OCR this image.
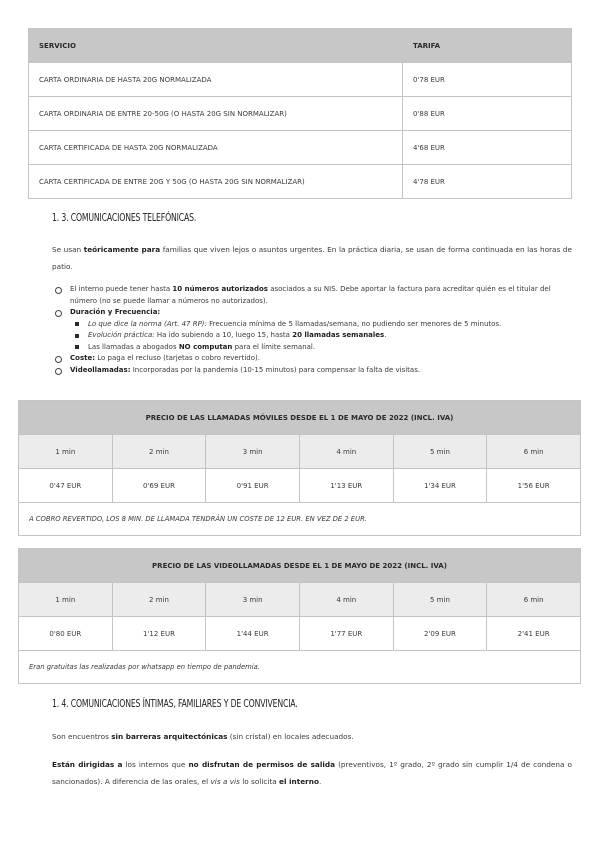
SERVICIO	TARIFA
CARTA ORDINARIA DE HASTA 20G NORMALIZADA	0'78 EUR
CARTA ORDINARIA DE ENTRE 20-50G (O HASTA 20G SIN NORMALIZAR)	0'88 EUR
CARTA CERTIFICADA DE HASTA 20G NORMALIZADA	4'68 EUR
CARTA CERTIFICADA DE ENTRE 20G Y 50G (O HASTA 20G SIN NORMALIZAR)	4'78 EUR
1. 3. COMUNICACIONES TELEFÓNICAS.

Se usan teóricamente para familias que viven lejos o asuntos urgentes. En la práctica diaria, se usan de forma continuada en las horas de patio.

El interno puede tener hasta 10 números autorizados asociados a su NIS. Debe aportar la factura para acreditar quién es el titular del número (no se puede llamar a números no autorizados).
Duración y Frecuencia:
Lo que dice la norma (Art. 47 RP): Frecuencia mínima de 5 llamadas/semana, no pudiendo ser menores de 5 minutos.
Evolución práctica: Ha ido subiendo a 10, luego 15, hasta 20 llamadas semanales.
Las llamadas a abogados NO computan para el límite semanal.
Coste: Lo paga el recluso (tarjetas o cobro revertido).
Videollamadas: Incorporadas por la pandemia (10-15 minutos) para compensar la falta de visitas.
PRECIO DE LAS LLAMADAS MÓVILES DESDE EL 1 DE MAYO DE 2022 (INCL. IVA)					
1 min	2 min	3 min	4 min	5 min	6 min
0'47 EUR	0'69 EUR	0'91 EUR	1'13 EUR	1'34 EUR	1'56 EUR
A COBRO REVERTIDO, LOS 8 MIN. DE LLAMADA TENDRÁN UN COSTE DE 12 EUR. EN VEZ DE 2 EUR.					
PRECIO DE LAS VIDEOLLAMADAS DESDE EL 1 DE MAYO DE 2022 (INCL. IVA)					
1 min	2 min	3 min	4 min	5 min	6 min
0'80 EUR	1'12 EUR	1'44 EUR	1'77 EUR	2'09 EUR	2'41 EUR
Eran gratuitas las realizadas por whatsapp en tiempo de pandemia.					
1. 4. COMUNICACIONES ÍNTIMAS, FAMILIARES Y DE CONVIVENCIA.

Son encuentros sin barreras arquitectónicas (sin cristal) en locales adecuados.

Están dirigidas a los internos que no disfrutan de permisos de salida (preventivos, 1º grado, 2º grado sin cumplir 1/4 de condena o sancionados). A diferencia de las orales, el vis a vis lo solicita el interno.
